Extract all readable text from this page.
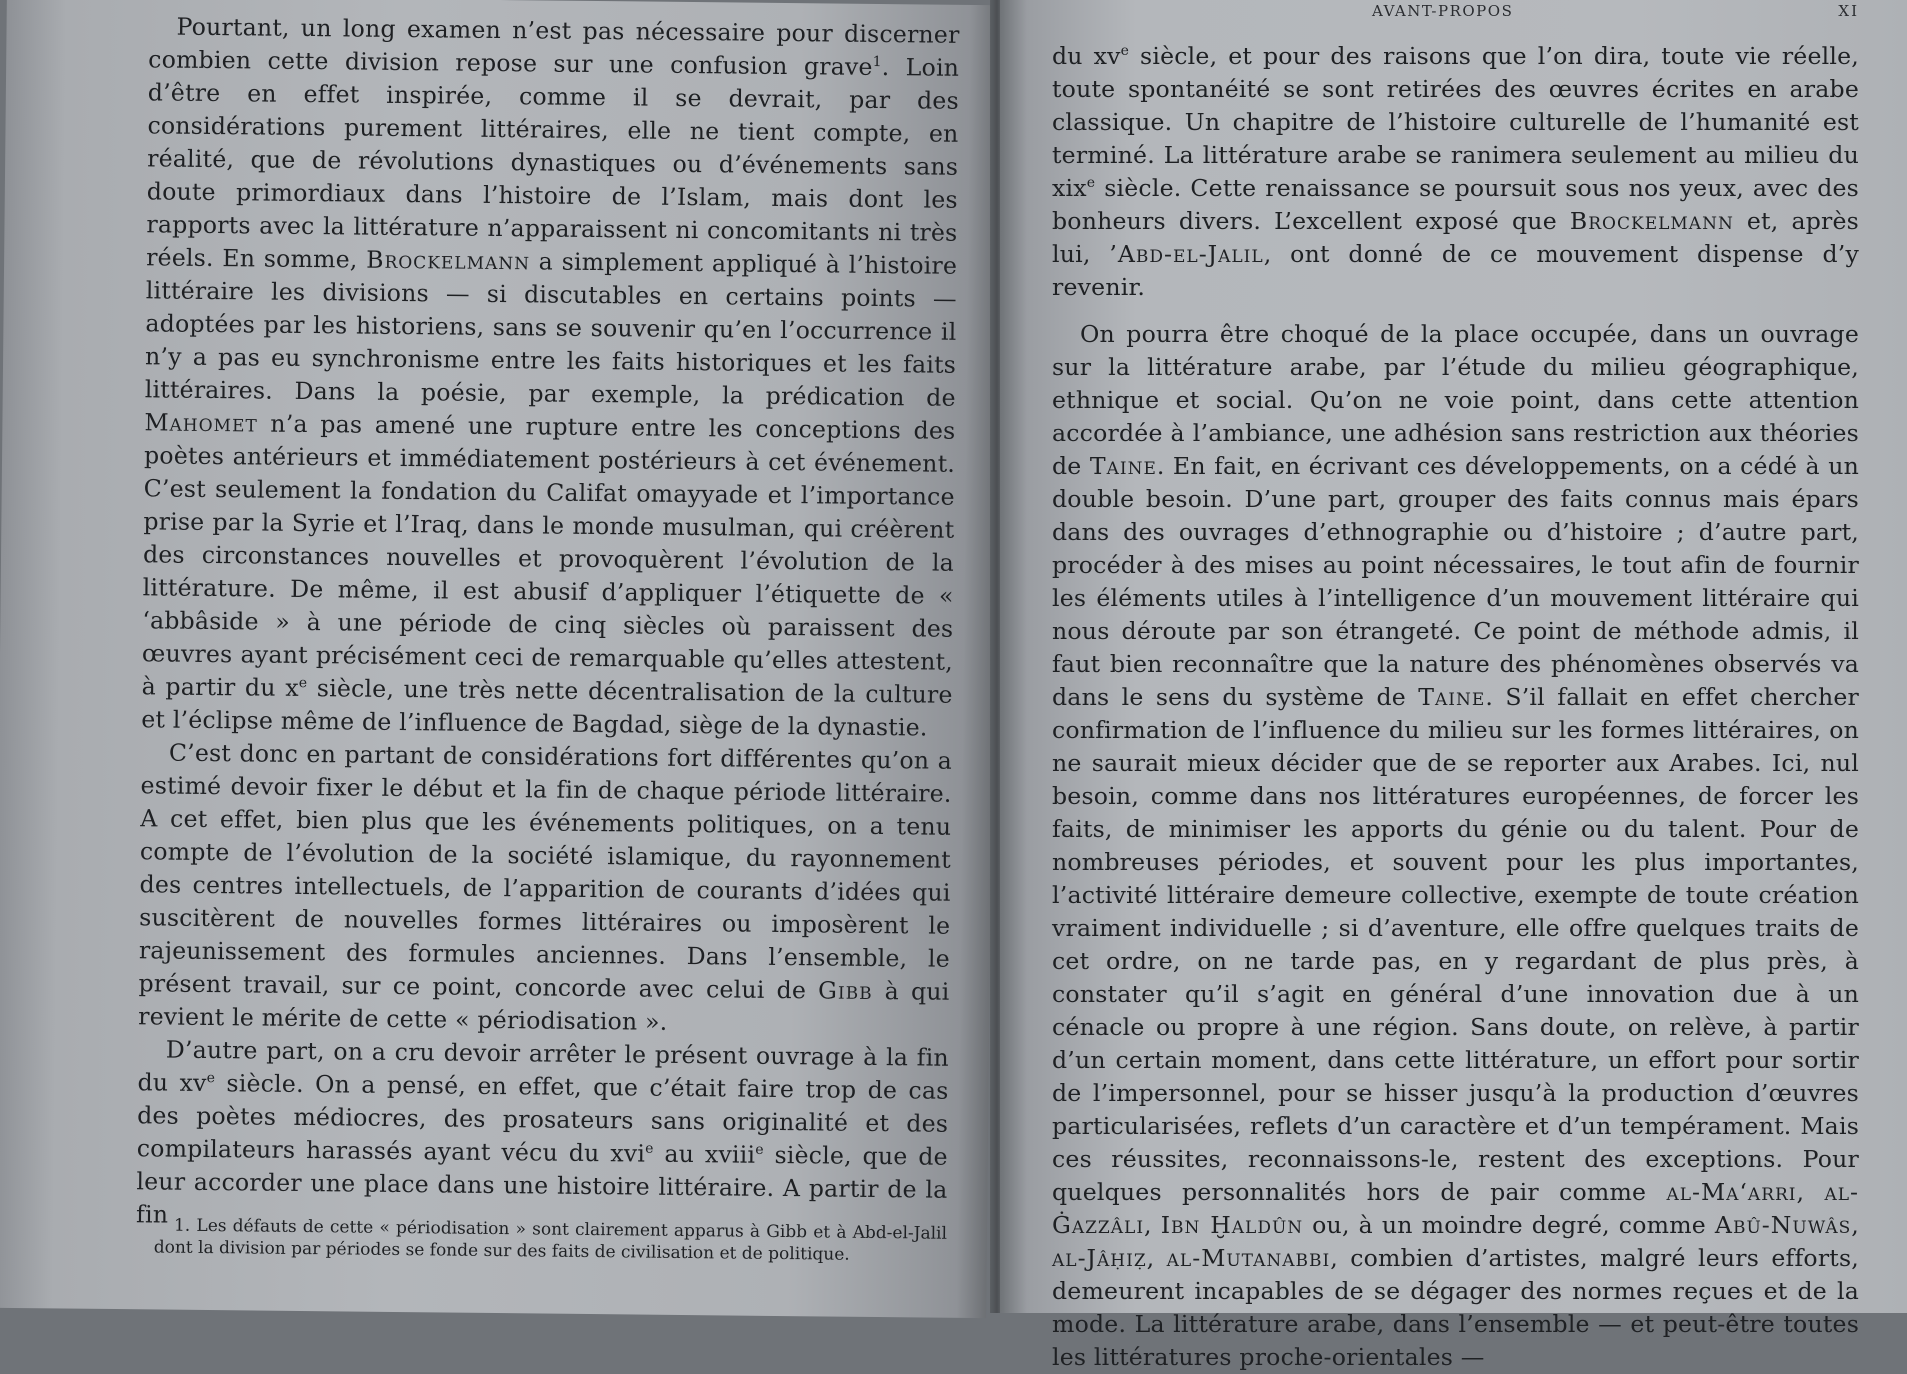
Pourtant, un long examen n’est pas nécessaire pour discerner combien cette division repose sur une confusion grave$^1$. Loin d’être en effet inspirée, comme il se devrait, par des considérations purement littéraires, elle ne tient compte, en réalité, que de révolutions dynastiques ou d’événements sans doute primordiaux dans l’histoire de l’Islam, mais dont les rapports avec la littérature n’apparaissent ni concomitants ni très réels. En somme, Brockelmann a simplement appliqué à l’histoire littéraire les divisions — si discutables en certains points — adoptées par les historiens, sans se souvenir qu’en l’occurrence il n’y a pas eu synchronisme entre les faits historiques et les faits littéraires. Dans la poésie, par exemple, la prédication de Mahomet n’a pas amené une rupture entre les conceptions des poètes antérieurs et immédiatement postérieurs à cet événement. C’est seulement la fondation du Califat omayyade et l’importance prise par la Syrie et l’Iraq, dans le monde musulman, qui créèrent des circonstances nouvelles et provoquèrent l’évolution de la littérature. De même, il est abusif d’appliquer l’étiquette de « ‘abbâside » à une période de cinq siècles où paraissent des œuvres ayant précisément ceci de remarquable qu’elles attestent, à partir du $x^e$ siècle, une très nette décentralisation de la culture et l’éclipse même de l’influence de Bagdad, siège de la dynastie.

C’est donc en partant de considérations fort différentes qu’on a estimé devoir fixer le début et la fin de chaque période littéraire. A cet effet, bien plus que les événements politiques, on a tenu compte de l’évolution de la société islamique, du rayonnement des centres intellectuels, de l’apparition de courants d’idées qui suscitèrent de nouvelles formes littéraires ou imposèrent le rajeunissement des formules anciennes. Dans l’ensemble, le présent travail, sur ce point, concorde avec celui de Gibb à qui revient le mérite de cette « périodisation ».

D’autre part, on a cru devoir arrêter le présent ouvrage à la fin du $xv^e$ siècle. On a pensé, en effet, que c’était faire trop de cas des poètes médiocres, des prosateurs sans originalité et des compilateurs harassés ayant vécu du xvi$^e$ au xviii$^e$ siècle, que de leur accorder une place dans une histoire littéraire. A partir de la fin 1. Les défauts de cette « périodisation » sont clairement apparus à Gibb et à Abd-el-Jalil dont la division par périodes se fonde sur des faits de civilisation et de politique.
AVANT-PROPOS	XI

du $xv^e$ siècle, et pour des raisons que l’on dira, toute vie réelle, toute spontanéité se sont retirées des œuvres écrites en arabe classique. Un chapitre de l’histoire culturelle de l’humanité est terminé. La littérature arabe se ranimera seulement au milieu du xix$^e$ siècle. Cette renaissance se poursuit sous nos yeux, avec des bonheurs divers. L’excellent exposé que Brockelmann et, après lui, ’Abd-el-Jalil, ont donné de ce mouvement dispense d’y revenir.

On pourra être choqué de la place occupée, dans un ouvrage sur la littérature arabe, par l’étude du milieu géographique, ethnique et social. Qu’on ne voie point, dans cette attention accordée à l’ambiance, une adhésion sans restriction aux théories de Taine. En fait, en écrivant ces développements, on a cédé à un double besoin. D’une part, grouper des faits connus mais épars dans des ouvrages d’ethnographie ou d’histoire ; d’autre part, procéder à des mises au point nécessaires, le tout afin de fournir les éléments utiles à l’intelligence d’un mouvement littéraire qui nous déroute par son étrangeté. Ce point de méthode admis, il faut bien reconnaître que la nature des phénomènes observés va dans le sens du système de Taine. S’il fallait en effet chercher confirmation de l’influence du milieu sur les formes littéraires, on ne saurait mieux décider que de se reporter aux Arabes. Ici, nul besoin, comme dans nos littératures européennes, de forcer les faits, de minimiser les apports du génie ou du talent. Pour de nombreuses périodes, et souvent pour les plus importantes, l’activité littéraire demeure collective, exempte de toute création vraiment individuelle ; si d’aventure, elle offre quelques traits de cet ordre, on ne tarde pas, en y regardant de plus près, à constater qu’il s’agit en général d’une innovation due à un cénacle ou propre à une région. Sans doute, on relève, à partir d’un certain moment, dans cette littérature, un effort pour sortir de l’impersonnel, pour se hisser jusqu’à la production d’œuvres particularisées, reflets d’un caractère et d’un tempérament. Mais ces réussites, reconnaissons-le, restent des exceptions. Pour quelques personnalités hors de pair comme al-Ma‘arri, al-Ġazzâli, Ibn Ḫaldûn ou, à un moindre degré, comme Abû-Nuwâs, al-Jâḥiẓ, al-Mutanabbi, combien d’artistes, malgré leurs efforts, demeurent incapables de se dégager des normes reçues et de la mode. La littérature arabe, dans l’ensemble — et peut-être toutes les littératures proche-orientales —
